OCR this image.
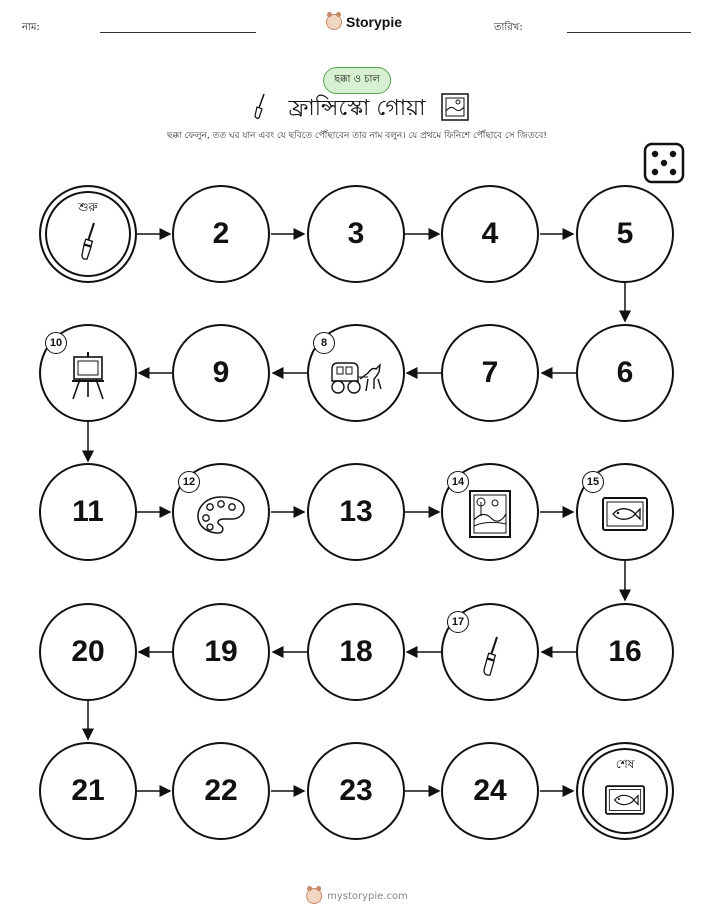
নাম:	Storypie	তারিখ:
ছক্কা ও চাল
ফ্রান্সিস্কো গোয়া
ছক্কা ফেলুন, তত ঘর যান এবং যে ছবিতে পৌঁছাবেন তার নাম বলুন। যে প্রথমে ফিনিশে পৌঁছাবে সে জিতবে!
শুরু
2	3	4	5
10
9
8
7	6
11
12
13
14	15
20	19	18
17
16
21	22	23	24
শেষ
mystorypie.com
